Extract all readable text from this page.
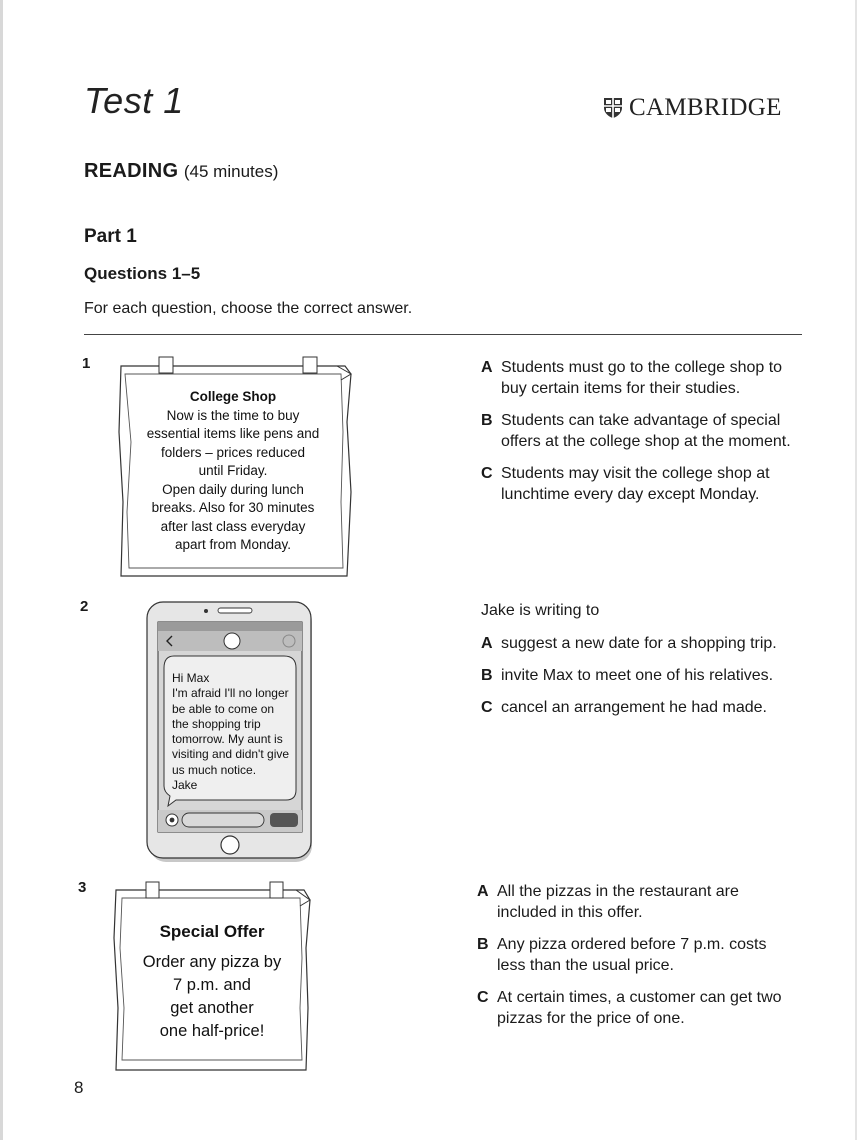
Test 1	CAMBRIDGE
READING (45 minutes)
Part 1
Questions 1–5
For each question, choose the correct answer.
1
College Shop
Now is the time to buy
essential items like pens and
folders – prices reduced
until Friday.
Open daily during lunch
breaks. Also for 30 minutes
after last class everyday
apart from Monday.
A Students must go to the college shop to buy certain items for their studies.
B Students can take advantage of special offers at the college shop at the moment.
C Students may visit the college shop at lunchtime every day except Monday.
2
Hi Max
I'm afraid I'll no longer
be able to come on
the shopping trip
tomorrow. My aunt is
visiting and didn't give
us much notice.
Jake
Jake is writing to
A suggest a new date for a shopping trip.
B invite Max to meet one of his relatives.
C cancel an arrangement he had made.
3
Special Offer
Order any pizza by
7 p.m. and
get another
one half-price!
A All the pizzas in the restaurant are included in this offer.
B Any pizza ordered before 7 p.m. costs less than the usual price.
C At certain times, a customer can get two pizzas for the price of one.
8
